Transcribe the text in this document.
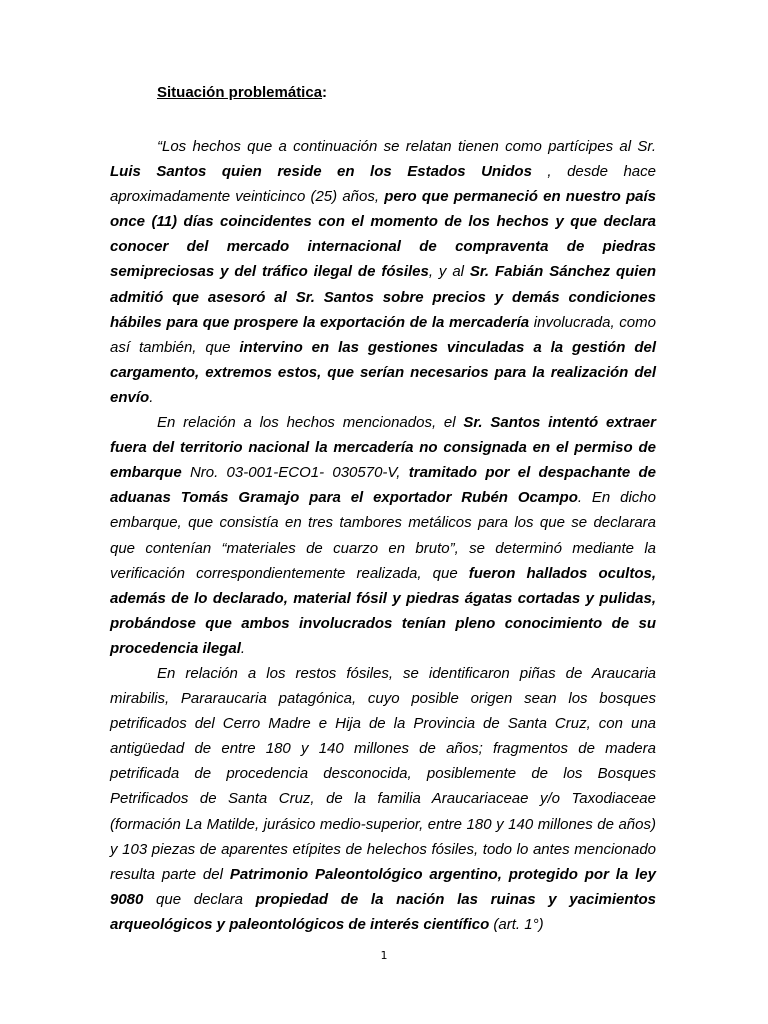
Situación problemática:

“Los hechos que a continuación se relatan tienen como partícipes al Sr. Luis Santos quien reside en los Estados Unidos , desde hace aproximadamente veinticinco (25) años, pero que permaneció en nuestro país once (11) días coincidentes con el momento de los hechos y que declara conocer del mercado internacional de compraventa de piedras semipreciosas y del tráfico ilegal de fósiles, y al Sr. Fabián Sánchez quien admitió que asesoró al Sr. Santos sobre precios y demás condiciones hábiles para que prospere la exportación de la mercadería involucrada, como así también, que intervino en las gestiones vinculadas a la gestión del cargamento, extremos estos, que serían necesarios para la realización del envío.

En relación a los hechos mencionados, el Sr. Santos intentó extraer fuera del territorio nacional la mercadería no consignada en el permiso de embarque Nro. 03-001-ECO1- 030570-V, tramitado por el despachante de aduanas Tomás Gramajo para el exportador Rubén Ocampo. En dicho embarque, que consistía en tres tambores metálicos para los que se declarara que contenían “materiales de cuarzo en bruto”, se determinó mediante la verificación correspondientemente realizada, que fueron hallados ocultos, además de lo declarado, material fósil y piedras ágatas cortadas y pulidas, probándose que ambos involucrados tenían pleno conocimiento de su procedencia ilegal.

En relación a los restos fósiles, se identificaron piñas de Araucaria mirabilis, Pararaucaria patagónica, cuyo posible origen sean los bosques petrificados del Cerro Madre e Hija de la Provincia de Santa Cruz, con una antigüedad de entre 180 y 140 millones de años; fragmentos de madera petrificada de procedencia desconocida, posiblemente de los Bosques Petrificados de Santa Cruz, de la familia Araucariaceae y/o Taxodiaceae (formación La Matilde, jurásico medio-superior, entre 180 y 140 millones de años) y 103 piezas de aparentes etípites de helechos fósiles, todo lo antes mencionado resulta parte del Patrimonio Paleontológico argentino, protegido por la ley 9080 que declara propiedad de la nación las ruinas y yacimientos arqueológicos y paleontológicos de interés científico (art. 1°)

1
